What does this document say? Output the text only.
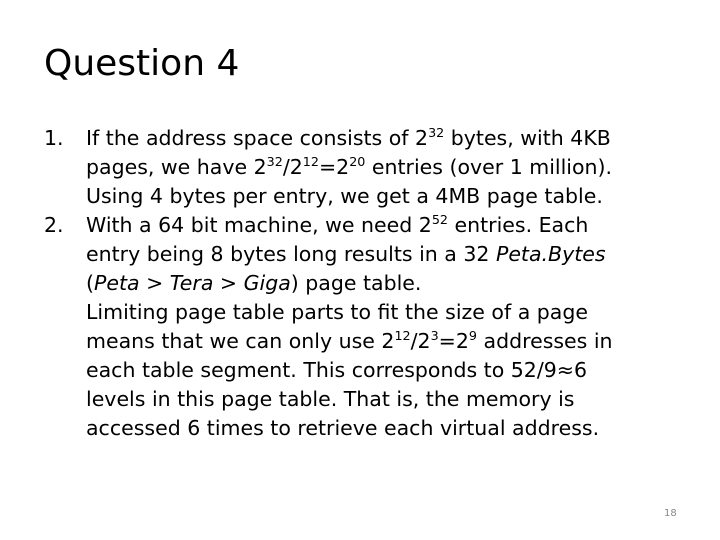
Question 4
1. If the address space consists of $2^{32}$ bytes, with 4KB
pages, we have $2^{32}/2^{12}=2^{20}$ entries (over 1 million).
Using 4 bytes per entry, we get a 4MB page table.
2. With a 64 bit machine, we need $2^{52}$ entries. Each
entry being 8 bytes long results in a 32 Peta.Bytes
(Peta > Tera > Giga) page table.
Limiting page table parts to fit the size of a page
means that we can only use $2^{12}/2^3=2^9$ addresses in
each table segment. This corresponds to 52/9≈6
levels in this page table. That is, the memory is
accessed 6 times to retrieve each virtual address.
18
